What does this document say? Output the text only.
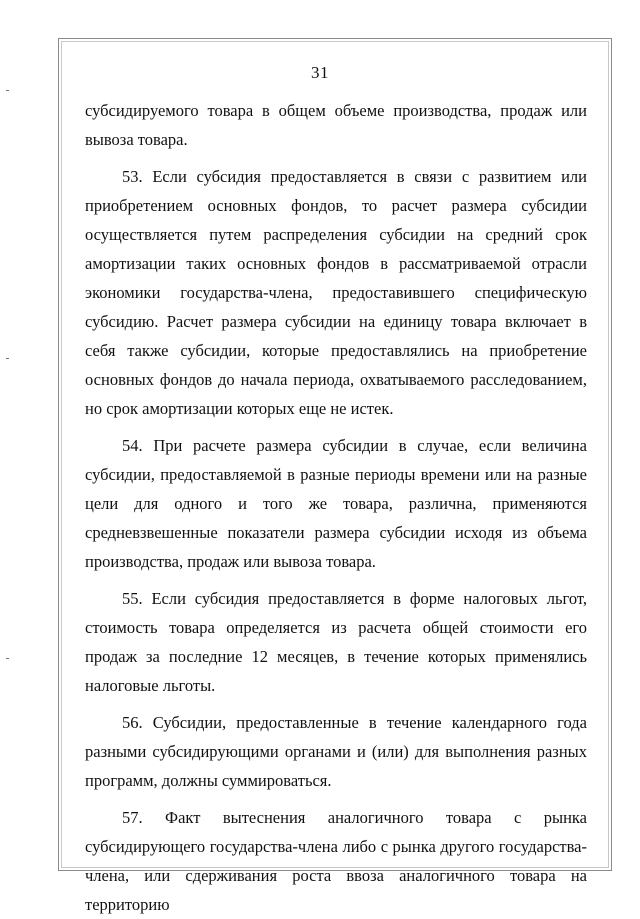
31

субсидируемого товара в общем объеме производства, продаж или вывоза товара.

53. Если субсидия предоставляется в связи с развитием или приобретением основных фондов, то расчет размера субсидии осуществляется путем распределения субсидии на средний срок амортизации таких основных фондов в рассматриваемой отрасли экономики государства-члена, предоставившего специфическую субсидию. Расчет размера субсидии на единицу товара включает в себя также субсидии, которые предоставлялись на приобретение основных фондов до начала периода, охватываемого расследованием, но срок амортизации которых еще не истек.

54. При расчете размера субсидии в случае, если величина субсидии, предоставляемой в разные периоды времени или на разные цели для одного и того же товара, различна, применяются средневзвешенные показатели размера субсидии исходя из объема производства, продаж или вывоза товара.

55. Если субсидия предоставляется в форме налоговых льгот, стоимость товара определяется из расчета общей стоимости его продаж за последние 12 месяцев, в течение которых применялись налоговые льготы.

56. Субсидии, предоставленные в течение календарного года разными субсидирующими органами и (или) для выполнения разных программ, должны суммироваться.

57. Факт вытеснения аналогичного товара с рынка субсидирующего государства-члена либо с рынка другого государства-члена, или сдерживания роста ввоза аналогичного товара на территорию
